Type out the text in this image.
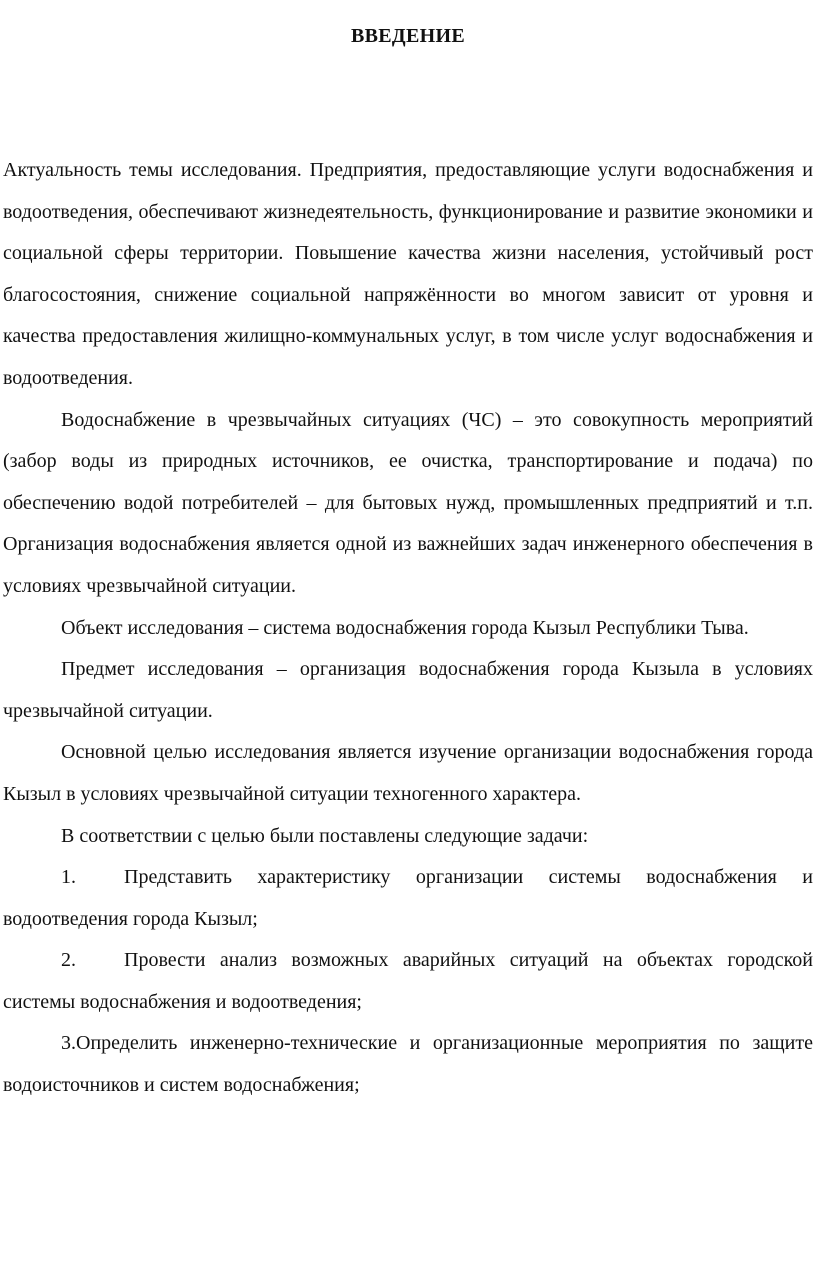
ВВЕДЕНИЕ

Актуальность темы исследования. Предприятия, предоставляющие услуги водоснабжения и водоотведения, обеспечивают жизнедеятельность, функционирование и развитие экономики и социальной сферы территории. Повышение качества жизни населения, устойчивый рост благосостояния, снижение социальной напряжённости во многом зависит от уровня и качества предоставления жилищно-коммунальных услуг, в том числе услуг водоснабжения и водоотведения.

Водоснабжение в чрезвычайных ситуациях (ЧС) – это совокупность мероприятий (забор воды из природных источников, ее очистка, транспортирование и подача) по обеспечению водой потребителей – для бытовых нужд, промышленных предприятий и т.п. Организация водоснабжения является одной из важнейших задач инженерного обеспечения в условиях чрезвычайной ситуации.

Объект исследования – система водоснабжения города Кызыл Республики Тыва.

Предмет исследования – организация водоснабжения города Кызыла в условиях чрезвычайной ситуации.

Основной целью исследования является изучение организации водоснабжения города Кызыл в условиях чрезвычайной ситуации техногенного характера.

В соответствии с целью были поставлены следующие задачи:

1. Представить характеристику организации системы водоснабжения и водоотведения города Кызыл;

2. Провести анализ возможных аварийных ситуаций на объектах городской системы водоснабжения и водоотведения;

3.Определить инженерно-технические и организационные мероприятия по защите водоисточников и систем водоснабжения;
